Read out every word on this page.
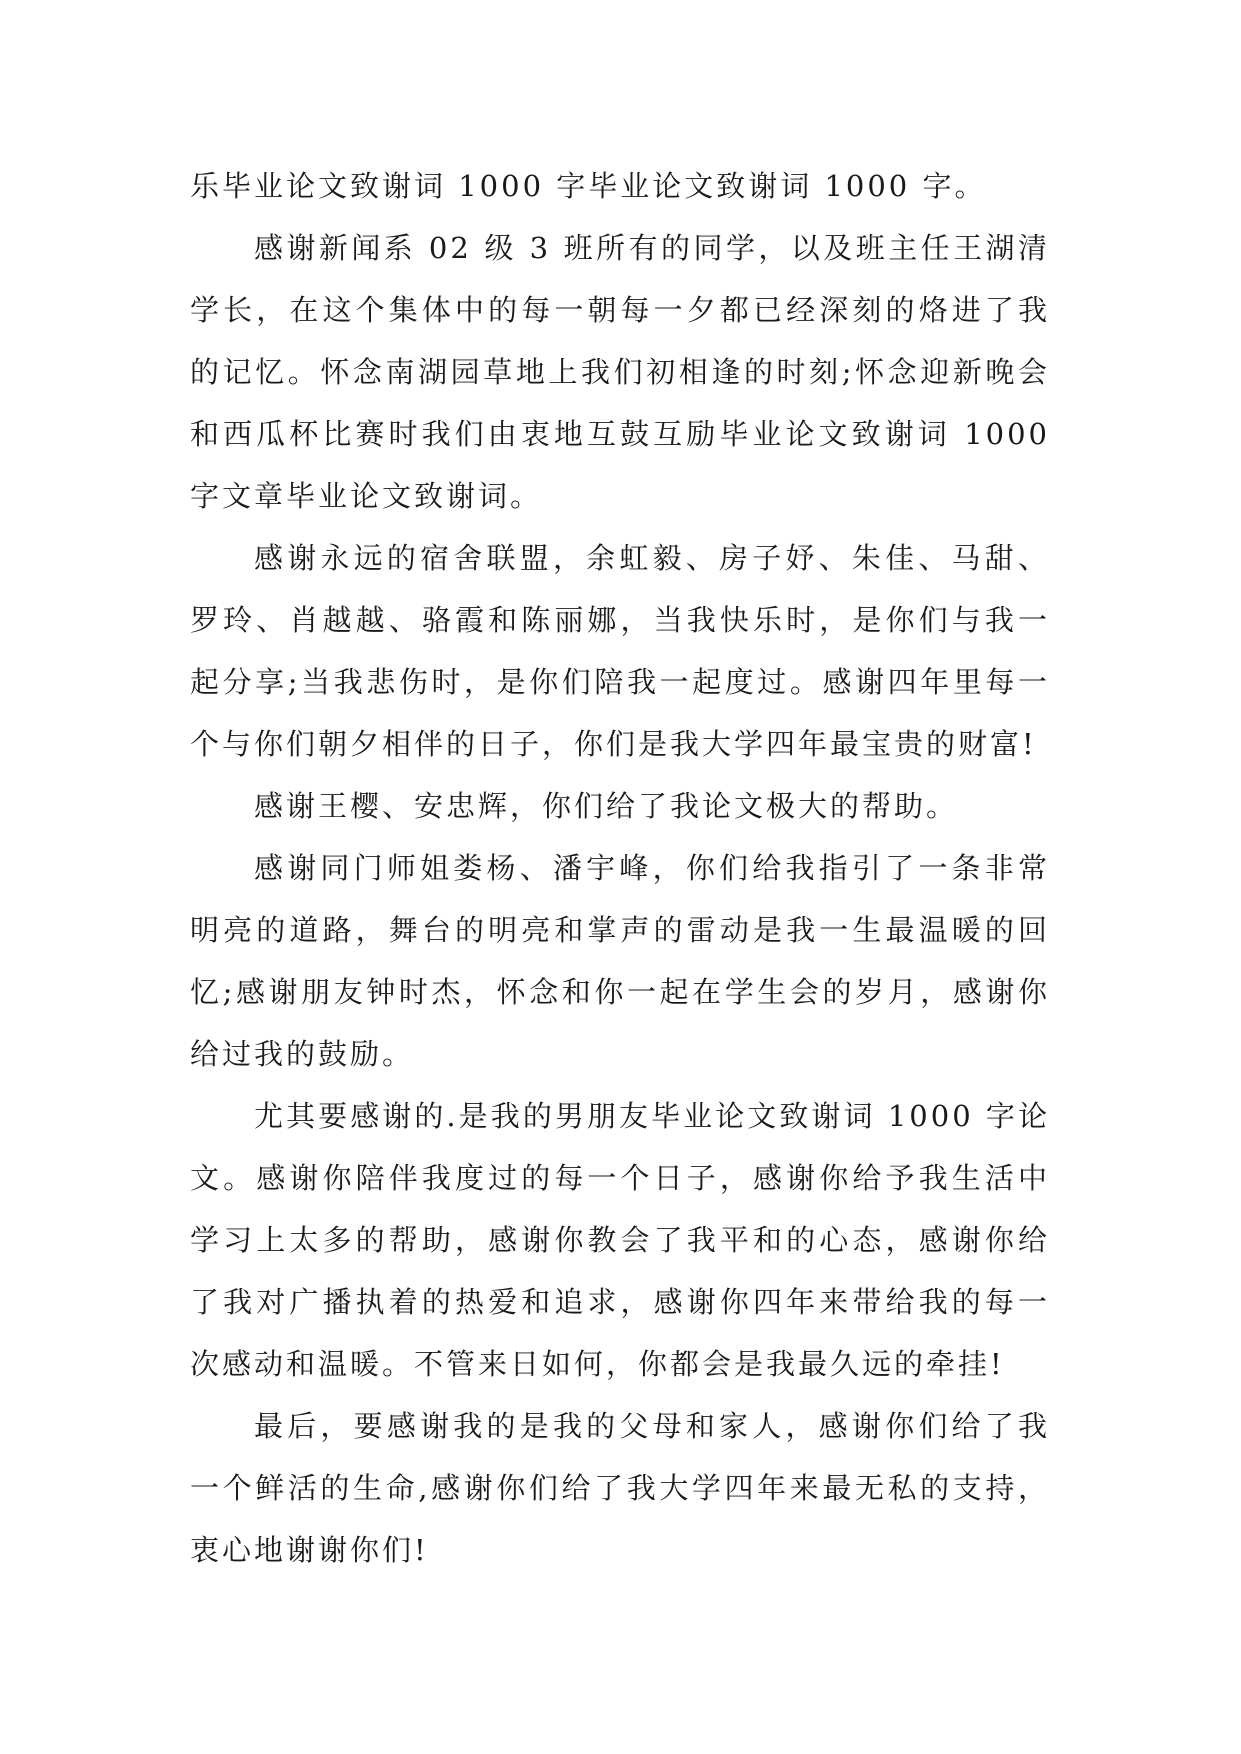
乐毕业论文致谢词 1000 字毕业论文致谢词 1000 字。

感谢新闻系 02 级 3 班所有的同学，以及班主任王湖清学长，在这个集体中的每一朝每一夕都已经深刻的烙进了我的记忆。怀念南湖园草地上我们初相逢的时刻;怀念迎新晚会和西瓜杯比赛时我们由衷地互鼓互励毕业论文致谢词 1000 字文章毕业论文致谢词。

感谢永远的宿舍联盟，余虹毅、房子妤、朱佳、马甜、罗玲、肖越越、骆霞和陈丽娜，当我快乐时，是你们与我一起分享;当我悲伤时，是你们陪我一起度过。感谢四年里每一个与你们朝夕相伴的日子，你们是我大学四年最宝贵的财富!

感谢王樱、安忠辉，你们给了我论文极大的帮助。

感谢同门师姐娄杨、潘宇峰，你们给我指引了一条非常明亮的道路，舞台的明亮和掌声的雷动是我一生最温暖的回忆;感谢朋友钟时杰，怀念和你一起在学生会的岁月，感谢你给过我的鼓励。

尤其要感谢的.是我的男朋友毕业论文致谢词 1000 字论文。感谢你陪伴我度过的每一个日子，感谢你给予我生活中学习上太多的帮助，感谢你教会了我平和的心态，感谢你给了我对广播执着的热爱和追求，感谢你四年来带给我的每一次感动和温暖。不管来日如何，你都会是我最久远的牵挂!

最后，要感谢我的是我的父母和家人，感谢你们给了我一个鲜活的生命,感谢你们给了我大学四年来最无私的支持，衷心地谢谢你们!
